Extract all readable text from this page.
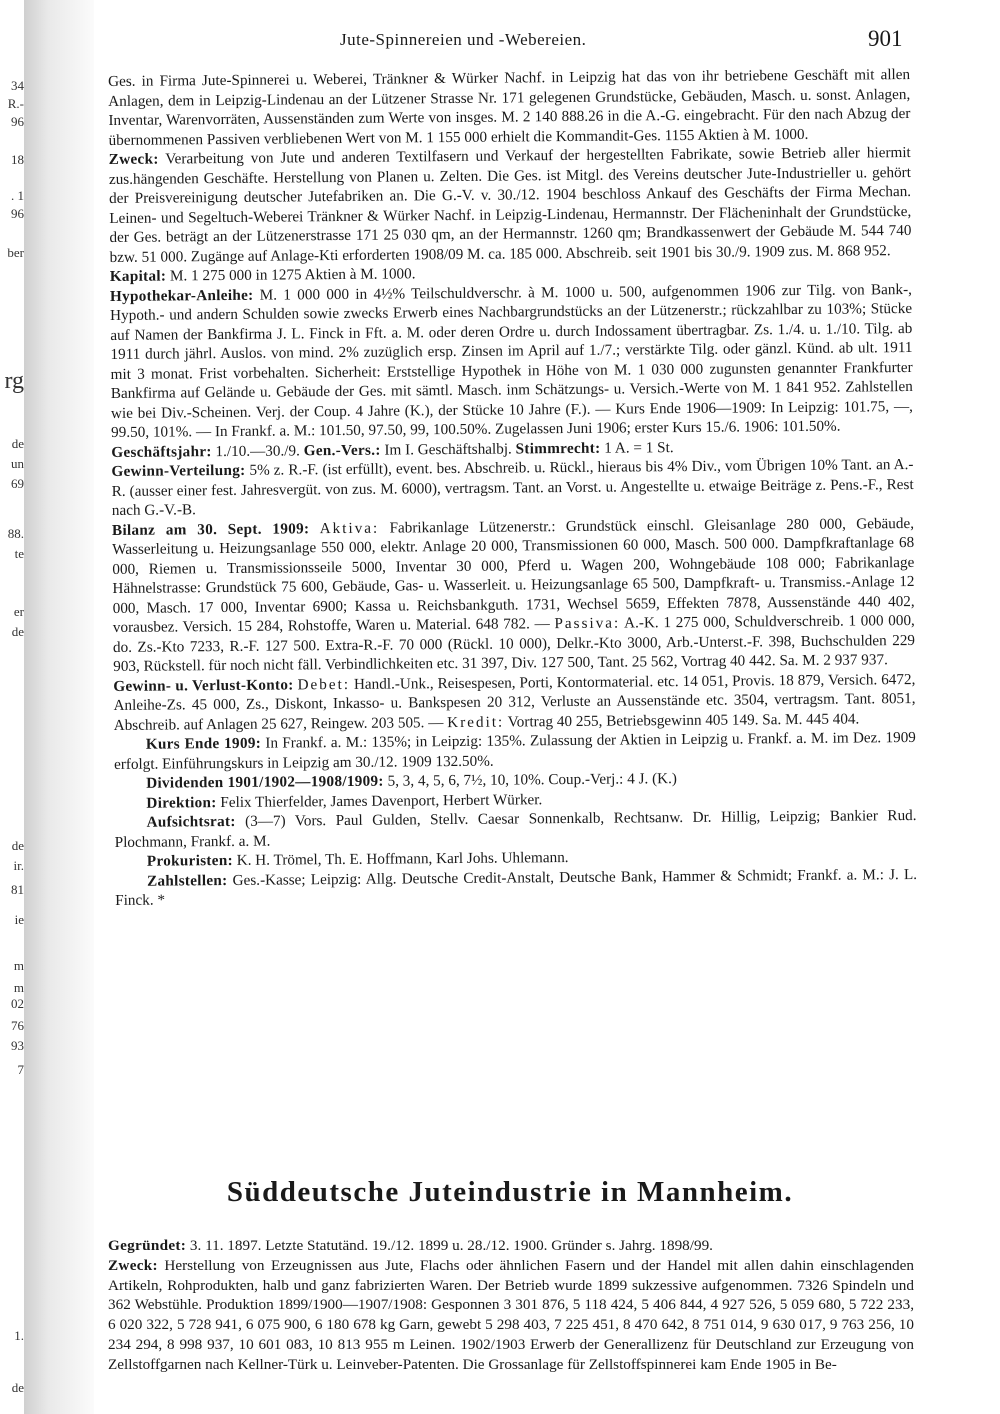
34
R.-
96
18
. 1
96
ber
rg
de
un
69
88.
te
er
de
de
ir.
81
ie
m
m
02
76
93
7
1.
de
Jute-Spinnereien und -Webereien.	901

Ges. in Firma Jute-Spinnerei u. Weberei, Tränkner & Würker Nachf. in Leipzig hat das von ihr betriebene Geschäft mit allen Anlagen, dem in Leipzig-Lindenau an der Lützener Strasse Nr. 171 gelegenen Grundstücke, Gebäuden, Masch. u. sonst. Anlagen, Inventar, Warenvorräten, Aussenständen zum Werte von insges. M. 2 140 888.26 in die A.-G. eingebracht. Für den nach Abzug der übernommenen Passiven verbliebenen Wert von M. 1 155 000 erhielt die Kommandit-Ges. 1155 Aktien à M. 1000.

Zweck: Verarbeitung von Jute und anderen Textilfasern und Verkauf der hergestellten Fabrikate, sowie Betrieb aller hiermit zus.hängenden Geschäfte. Herstellung von Planen u. Zelten. Die Ges. ist Mitgl. des Vereins deutscher Jute-Industrieller u. gehört der Preisvereinigung deutscher Jutefabriken an. Die G.-V. v. 30./12. 1904 beschloss Ankauf des Geschäfts der Firma Mechan. Leinen- und Segeltuch-Weberei Tränkner & Würker Nachf. in Leipzig-Lindenau, Hermannstr. Der Flächeninhalt der Grundstücke, der Ges. beträgt an der Lützenerstrasse 171 25 030 qm, an der Hermannstr. 1260 qm; Brandkassenwert der Gebäude M. 544 740 bzw. 51 000. Zugänge auf Anlage-Kti erforderten 1908/09 M. ca. 185 000. Abschreib. seit 1901 bis 30./9. 1909 zus. M. 868 952.

Kapital: M. 1 275 000 in 1275 Aktien à M. 1000.

Hypothekar-Anleihe: M. 1 000 000 in 4½% Teilschuldverschr. à M. 1000 u. 500, aufgenommen 1906 zur Tilg. von Bank-, Hypoth.- und andern Schulden sowie zwecks Erwerb eines Nachbargrundstücks an der Lützenerstr.; rückzahlbar zu 103%; Stücke auf Namen der Bankfirma J. L. Finck in Fft. a. M. oder deren Ordre u. durch Indossament übertragbar. Zs. 1./4. u. 1./10. Tilg. ab 1911 durch jährl. Auslos. von mind. 2% zuzüglich ersp. Zinsen im April auf 1./7.; verstärkte Tilg. oder gänzl. Künd. ab ult. 1911 mit 3 monat. Frist vorbehalten. Sicherheit: Erststellige Hypothek in Höhe von M. 1 030 000 zugunsten genannter Frankfurter Bankfirma auf Gelände u. Gebäude der Ges. mit sämtl. Masch. inm Schätzungs- u. Versich.-Werte von M. 1 841 952. Zahlstellen wie bei Div.-Scheinen. Verj. der Coup. 4 Jahre (K.), der Stücke 10 Jahre (F.). — Kurs Ende 1906—1909: In Leipzig: 101.75, —, 99.50, 101%. — In Frankf. a. M.: 101.50, 97.50, 99, 100.50%. Zugelassen Juni 1906; erster Kurs 15./6. 1906: 101.50%.

Geschäftsjahr: 1./10.—30./9. Gen.-Vers.: Im I. Geschäftshalbj. Stimmrecht: 1 A. = 1 St.

Gewinn-Verteilung: 5% z. R.-F. (ist erfüllt), event. bes. Abschreib. u. Rückl., hieraus bis 4% Div., vom Übrigen 10% Tant. an A.-R. (ausser einer fest. Jahresvergüt. von zus. M. 6000), vertragsm. Tant. an Vorst. u. Angestellte u. etwaige Beiträge z. Pens.-F., Rest nach G.-V.-B.

Bilanz am 30. Sept. 1909: Aktiva: Fabrikanlage Lützenerstr.: Grundstück einschl. Gleisanlage 280 000, Gebäude, Wasserleitung u. Heizungsanlage 550 000, elektr. Anlage 20 000, Transmissionen 60 000, Masch. 500 000. Dampfkraftanlage 68 000, Riemen u. Transmissionsseile 5000, Inventar 30 000, Pferd u. Wagen 200, Wohngebäude 108 000; Fabrikanlage Hähnelstrasse: Grundstück 75 600, Gebäude, Gas- u. Wasserleit. u. Heizungsanlage 65 500, Dampfkraft- u. Transmiss.-Anlage 12 000, Masch. 17 000, Inventar 6900; Kassa u. Reichsbankguth. 1731, Wechsel 5659, Effekten 7878, Aussenstände 440 402, vorausbez. Versich. 15 284, Rohstoffe, Waren u. Material. 648 782. — Passiva: A.-K. 1 275 000, Schuldverschreib. 1 000 000, do. Zs.-Kto 7233, R.-F. 127 500. Extra-R.-F. 70 000 (Rückl. 10 000), Delkr.-Kto 3000, Arb.-Unterst.-F. 398, Buchschulden 229 903, Rückstell. für noch nicht fäll. Verbindlichkeiten etc. 31 397, Div. 127 500, Tant. 25 562, Vortrag 40 442. Sa. M. 2 937 937.

Gewinn- u. Verlust-Konto: Debet: Handl.-Unk., Reisespesen, Porti, Kontormaterial. etc. 14 051, Provis. 18 879, Versich. 6472, Anleihe-Zs. 45 000, Zs., Diskont, Inkasso- u. Bankspesen 20 312, Verluste an Aussenstände etc. 3504, vertragsm. Tant. 8051, Abschreib. auf Anlagen 25 627, Reingew. 203 505. — Kredit: Vortrag 40 255, Betriebsgewinn 405 149. Sa. M. 445 404.

Kurs Ende 1909: In Frankf. a. M.: 135%; in Leipzig: 135%. Zulassung der Aktien in Leipzig u. Frankf. a. M. im Dez. 1909 erfolgt. Einführungskurs in Leipzig am 30./12. 1909 132.50%.

Dividenden 1901/1902—1908/1909: 5, 3, 4, 5, 6, 7½, 10, 10%. Coup.-Verj.: 4 J. (K.)

Direktion: Felix Thierfelder, James Davenport, Herbert Würker.

Aufsichtsrat: (3—7) Vors. Paul Gulden, Stellv. Caesar Sonnenkalb, Rechtsanw. Dr. Hillig, Leipzig; Bankier Rud. Plochmann, Frankf. a. M.

Prokuristen: K. H. Trömel, Th. E. Hoffmann, Karl Johs. Uhlemann.

Zahlstellen: Ges.-Kasse; Leipzig: Allg. Deutsche Credit-Anstalt, Deutsche Bank, Hammer & Schmidt; Frankf. a. M.: J. L. Finck. *

Süddeutsche Juteindustrie in Mannheim.

Gegründet: 3. 11. 1897. Letzte Statutänd. 19./12. 1899 u. 28./12. 1900. Gründer s. Jahrg. 1898/99.

Zweck: Herstellung von Erzeugnissen aus Jute, Flachs oder ähnlichen Fasern und der Handel mit allen dahin einschlagenden Artikeln, Rohprodukten, halb und ganz fabrizierten Waren. Der Betrieb wurde 1899 sukzessive aufgenommen. 7326 Spindeln und 362 Webstühle. Produktion 1899/1900—1907/1908: Gesponnen 3 301 876, 5 118 424, 5 406 844, 4 927 526, 5 059 680, 5 722 233, 6 020 322, 5 728 941, 6 075 900, 6 180 678 kg Garn, gewebt 5 298 403, 7 225 451, 8 470 642, 8 751 014, 9 630 017, 9 763 256, 10 234 294, 8 998 937, 10 601 083, 10 813 955 m Leinen. 1902/1903 Erwerb der Generallizenz für Deutschland zur Erzeugung von Zellstoffgarnen nach Kellner-Türk u. Leinveber-Patenten. Die Grossanlage für Zellstoffspinnerei kam Ende 1905 in Be-
